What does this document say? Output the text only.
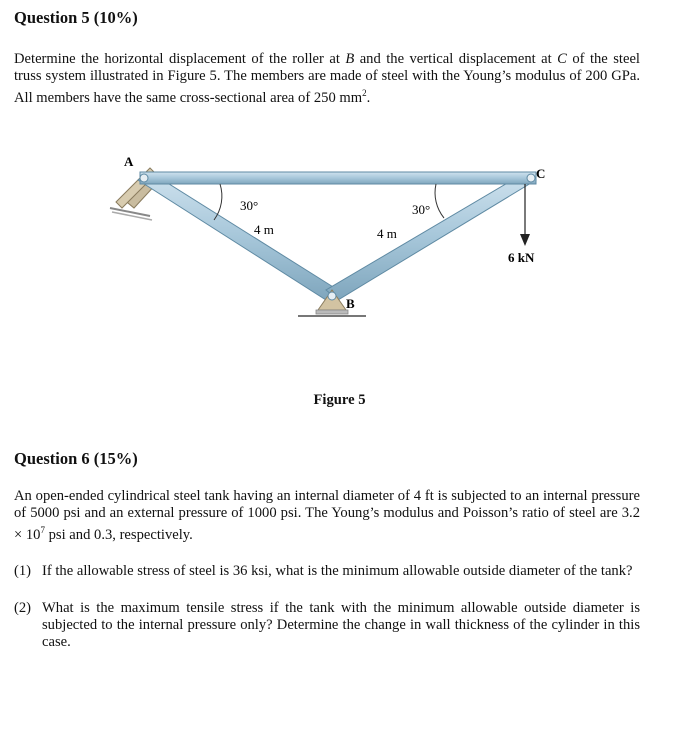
Question 5 (10%)

Determine the horizontal displacement of the roller at B and the vertical displacement at C of the steel truss system illustrated in Figure 5. The members are made of steel with the Young’s modulus of 200 GPa. All members have the same cross-sectional area of 250 $mm^2$.

A
C
B
30°	30°
4 m	4 m
6 kN
Figure 5
Question 6 (15%)

An open-ended cylindrical steel tank having an internal diameter of 4 ft is subjected to an internal pressure of 5000 psi and an external pressure of 1000 psi. The Young’s modulus and Poisson’s ratio of steel are $3.2 \times 10^7$ psi and 0.3, respectively.

(1) If the allowable stress of steel is 36 ksi, what is the minimum allowable outside diameter of the tank?
(2) What is the maximum tensile stress if the tank with the minimum allowable outside diameter is subjected to the internal pressure only? Determine the change in wall thickness of the cylinder in this case.
